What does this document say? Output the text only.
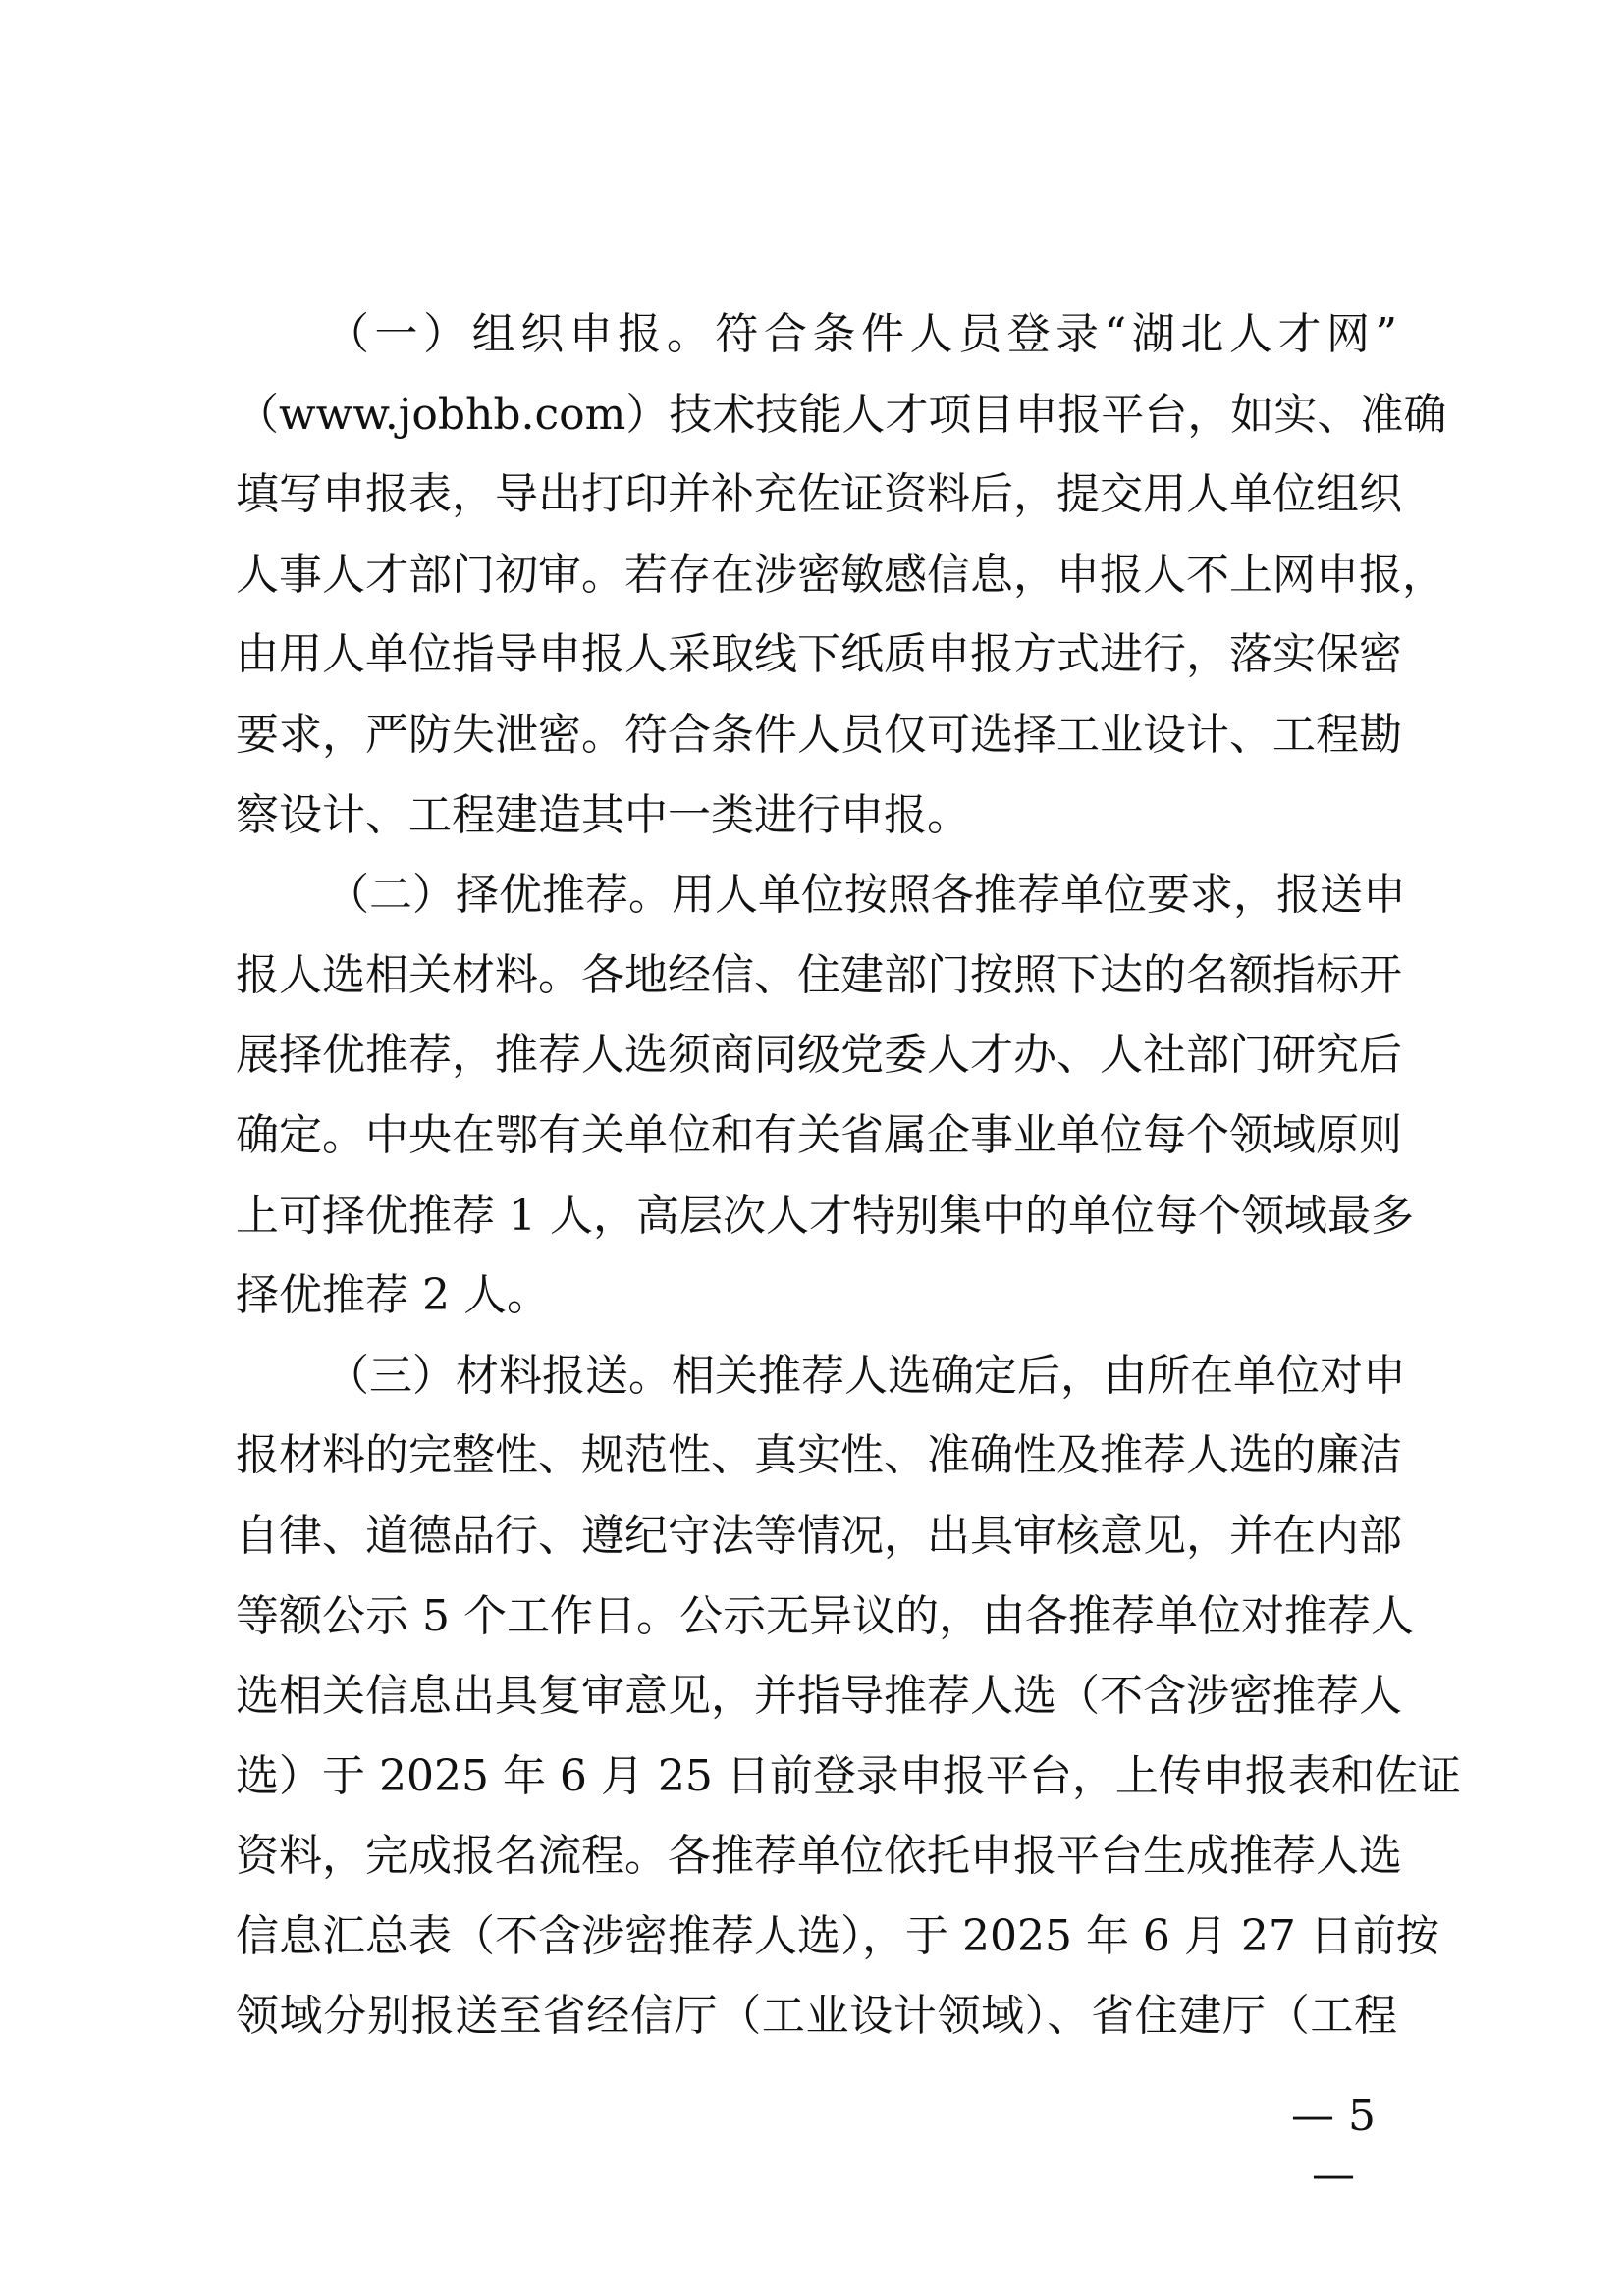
（一）组织申报。符合条件人员登录“湖北人才网”
（www.jobhb.com）技术技能人才项目申报平台，如实、准确
填写申报表，导出打印并补充佐证资料后，提交用人单位组织
人事人才部门初审。若存在涉密敏感信息，申报人不上网申报，
由用人单位指导申报人采取线下纸质申报方式进行，落实保密
要求，严防失泄密。符合条件人员仅可选择工业设计、工程勘
察设计、工程建造其中一类进行申报。
（二）择优推荐。用人单位按照各推荐单位要求，报送申
报人选相关材料。各地经信、住建部门按照下达的名额指标开
展择优推荐，推荐人选须商同级党委人才办、人社部门研究后
确定。中央在鄂有关单位和有关省属企事业单位每个领域原则
上可择优推荐 1 人，高层次人才特别集中的单位每个领域最多
择优推荐 2 人。
（三）材料报送。相关推荐人选确定后，由所在单位对申
报材料的完整性、规范性、真实性、准确性及推荐人选的廉洁
自律、道德品行、遵纪守法等情况，出具审核意见，并在内部
等额公示 5 个工作日。公示无异议的，由各推荐单位对推荐人
选相关信息出具复审意见，并指导推荐人选（不含涉密推荐人
选）于 2025 年 6 月 25 日前登录申报平台，上传申报表和佐证
资料，完成报名流程。各推荐单位依托申报平台生成推荐人选
信息汇总表（不含涉密推荐人选），于 2025 年 6 月 27 日前按
领域分别报送至省经信厅（工业设计领域）、省住建厅（工程
— 5 —
